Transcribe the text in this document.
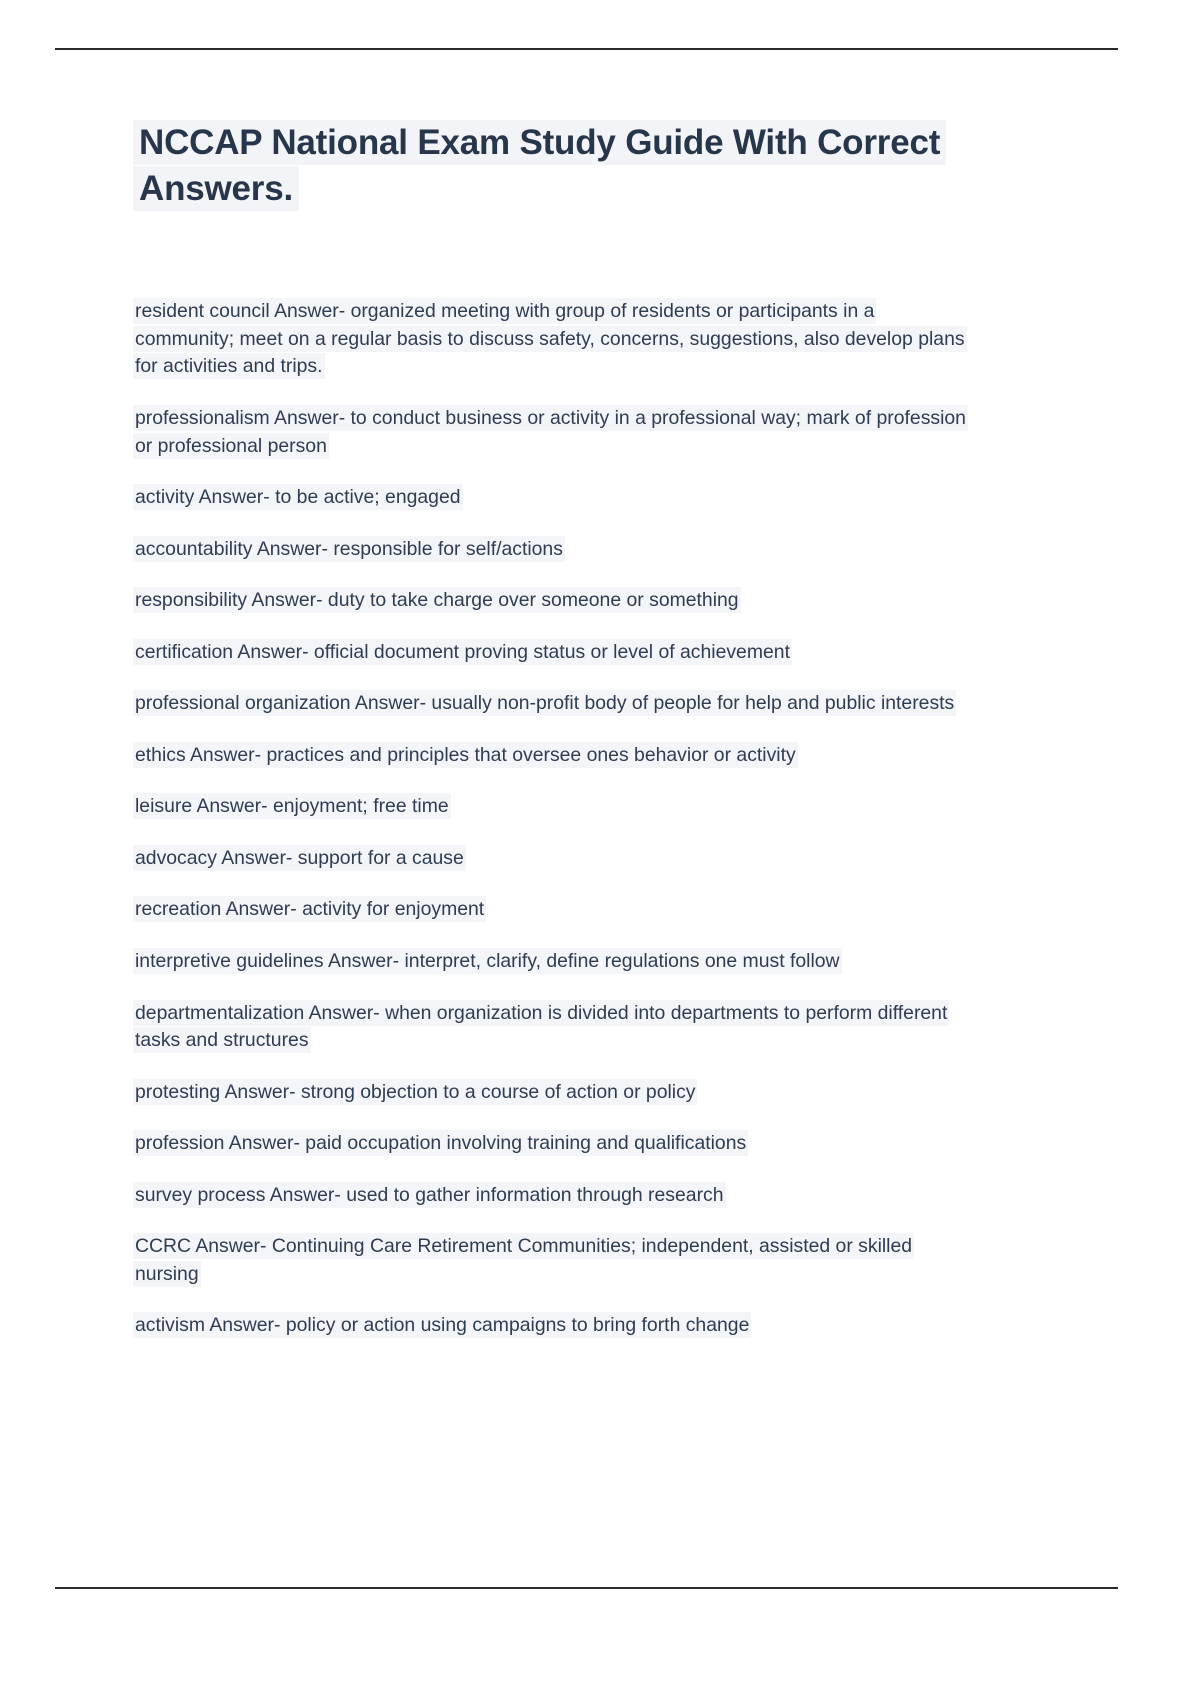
NCCAP National Exam Study Guide With Correct Answers.

resident council Answer- organized meeting with group of residents or participants in a community; meet on a regular basis to discuss safety, concerns, suggestions, also develop plans for activities and trips.

professionalism Answer- to conduct business or activity in a professional way; mark of profession or professional person

activity Answer- to be active; engaged

accountability Answer- responsible for self/actions

responsibility Answer- duty to take charge over someone or something

certification Answer- official document proving status or level of achievement

professional organization Answer- usually non-profit body of people for help and public interests

ethics Answer- practices and principles that oversee ones behavior or activity

leisure Answer- enjoyment; free time

advocacy Answer- support for a cause

recreation Answer- activity for enjoyment

interpretive guidelines Answer- interpret, clarify, define regulations one must follow

departmentalization Answer- when organization is divided into departments to perform different tasks and structures

protesting Answer- strong objection to a course of action or policy

profession Answer- paid occupation involving training and qualifications

survey process Answer- used to gather information through research

CCRC Answer- Continuing Care Retirement Communities; independent, assisted or skilled nursing

activism Answer- policy or action using campaigns to bring forth change
